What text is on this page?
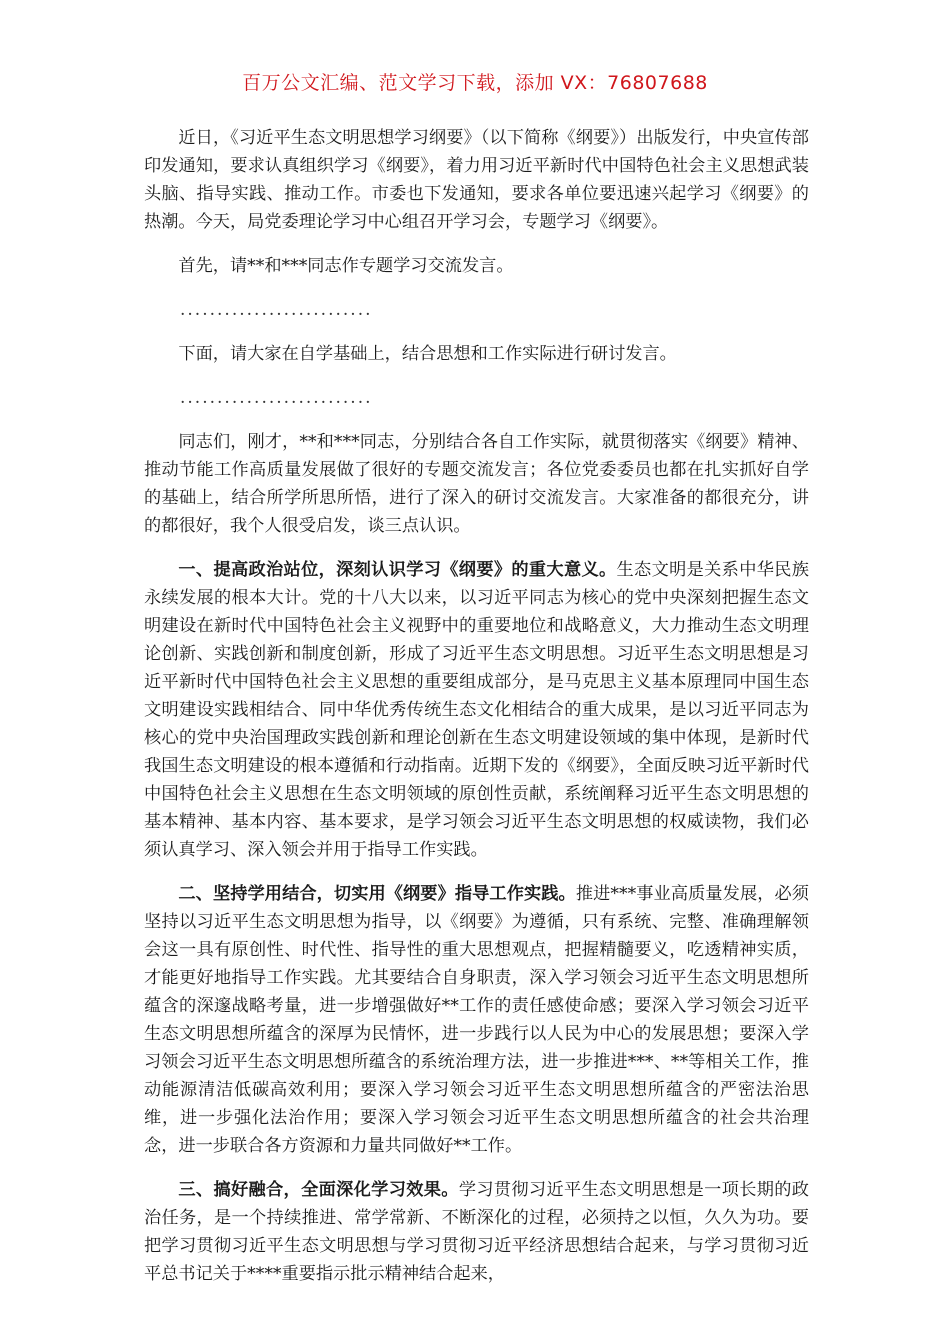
百万公文汇编、范文学习下载，添加 VX：76807688

近日，《习近平生态文明思想学习纲要》（以下简称《纲要》）出版发行，中央宣传部印发通知，要求认真组织学习《纲要》，着力用习近平新时代中国特色社会主义思想武装头脑、指导实践、推动工作。市委也下发通知，要求各单位要迅速兴起学习《纲要》的热潮。今天，局党委理论学习中心组召开学习会，专题学习《纲要》。

首先，请**和***同志作专题学习交流发言。

..........................

下面，请大家在自学基础上，结合思想和工作实际进行研讨发言。

..........................

同志们，刚才，**和***同志，分别结合各自工作实际，就贯彻落实《纲要》精神、推动节能工作高质量发展做了很好的专题交流发言；各位党委委员也都在扎实抓好自学的基础上，结合所学所思所悟，进行了深入的研讨交流发言。大家准备的都很充分，讲的都很好，我个人很受启发，谈三点认识。

一、提高政治站位，深刻认识学习《纲要》的重大意义。生态文明是关系中华民族永续发展的根本大计。党的十八大以来，以习近平同志为核心的党中央深刻把握生态文明建设在新时代中国特色社会主义视野中的重要地位和战略意义，大力推动生态文明理论创新、实践创新和制度创新，形成了习近平生态文明思想。习近平生态文明思想是习近平新时代中国特色社会主义思想的重要组成部分，是马克思主义基本原理同中国生态文明建设实践相结合、同中华优秀传统生态文化相结合的重大成果，是以习近平同志为核心的党中央治国理政实践创新和理论创新在生态文明建设领域的集中体现，是新时代我国生态文明建设的根本遵循和行动指南。近期下发的《纲要》，全面反映习近平新时代中国特色社会主义思想在生态文明领域的原创性贡献，系统阐释习近平生态文明思想的基本精神、基本内容、基本要求，是学习领会习近平生态文明思想的权威读物，我们必须认真学习、深入领会并用于指导工作实践。

二、坚持学用结合，切实用《纲要》指导工作实践。推进***事业高质量发展，必须坚持以习近平生态文明思想为指导，以《纲要》为遵循，只有系统、完整、准确理解领会这一具有原创性、时代性、指导性的重大思想观点，把握精髓要义，吃透精神实质，才能更好地指导工作实践。尤其要结合自身职责，深入学习领会习近平生态文明思想所蕴含的深邃战略考量，进一步增强做好**工作的责任感使命感；要深入学习领会习近平生态文明思想所蕴含的深厚为民情怀，进一步践行以人民为中心的发展思想；要深入学习领会习近平生态文明思想所蕴含的系统治理方法，进一步推进***、**等相关工作，推动能源清洁低碳高效利用；要深入学习领会习近平生态文明思想所蕴含的严密法治思维，进一步强化法治作用；要深入学习领会习近平生态文明思想所蕴含的社会共治理念，进一步联合各方资源和力量共同做好**工作。

三、搞好融合，全面深化学习效果。学习贯彻习近平生态文明思想是一项长期的政治任务，是一个持续推进、常学常新、不断深化的过程，必须持之以恒，久久为功。要把学习贯彻习近平生态文明思想与学习贯彻习近平经济思想结合起来，与学习贯彻习近平总书记关于****重要指示批示精神结合起来，
